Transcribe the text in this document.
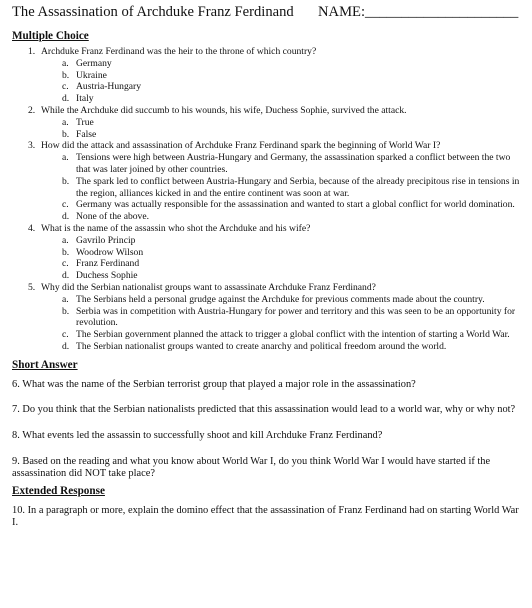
The Assassination of Archduke Franz Ferdinand NAME:_____________________
Multiple Choice
1. Archduke Franz Ferdinand was the heir to the throne of which country?
a. Germany
b. Ukraine
c. Austria-Hungary
d. Italy
2. While the Archduke did succumb to his wounds, his wife, Duchess Sophie, survived the attack.
a. True
b. False
3. How did the attack and assassination of Archduke Franz Ferdinand spark the beginning of World War I?
a. Tensions were high between Austria-Hungary and Germany, the assassination sparked a conflict between the two that was later joined by other countries.
b. The spark led to conflict between Austria-Hungary and Serbia, because of the already precipitous rise in tensions in the region, alliances kicked in and the entire continent was soon at war.
c. Germany was actually responsible for the assassination and wanted to start a global conflict for world domination.
d. None of the above.
4. What is the name of the assassin who shot the Archduke and his wife?
a. Gavrilo Princip
b. Woodrow Wilson
c. Franz Ferdinand
d. Duchess Sophie
5. Why did the Serbian nationalist groups want to assassinate Archduke Franz Ferdinand?
a. The Serbians held a personal grudge against the Archduke for previous comments made about the country.
b. Serbia was in competition with Austria-Hungary for power and territory and this was seen to be an opportunity for revolution.
c. The Serbian government planned the attack to trigger a global conflict with the intention of starting a World War.
d. The Serbian nationalist groups wanted to create anarchy and political freedom around the world.
Short Answer
6. What was the name of the Serbian terrorist group that played a major role in the assassination?
7. Do you think that the Serbian nationalists predicted that this assassination would lead to a world war, why or why not?
8. What events led the assassin to successfully shoot and kill Archduke Franz Ferdinand?
9. Based on the reading and what you know about World War I, do you think World War I would have started if the assassination did NOT take place?
Extended Response
10. In a paragraph or more, explain the domino effect that the assassination of Franz Ferdinand had on starting World War I.
